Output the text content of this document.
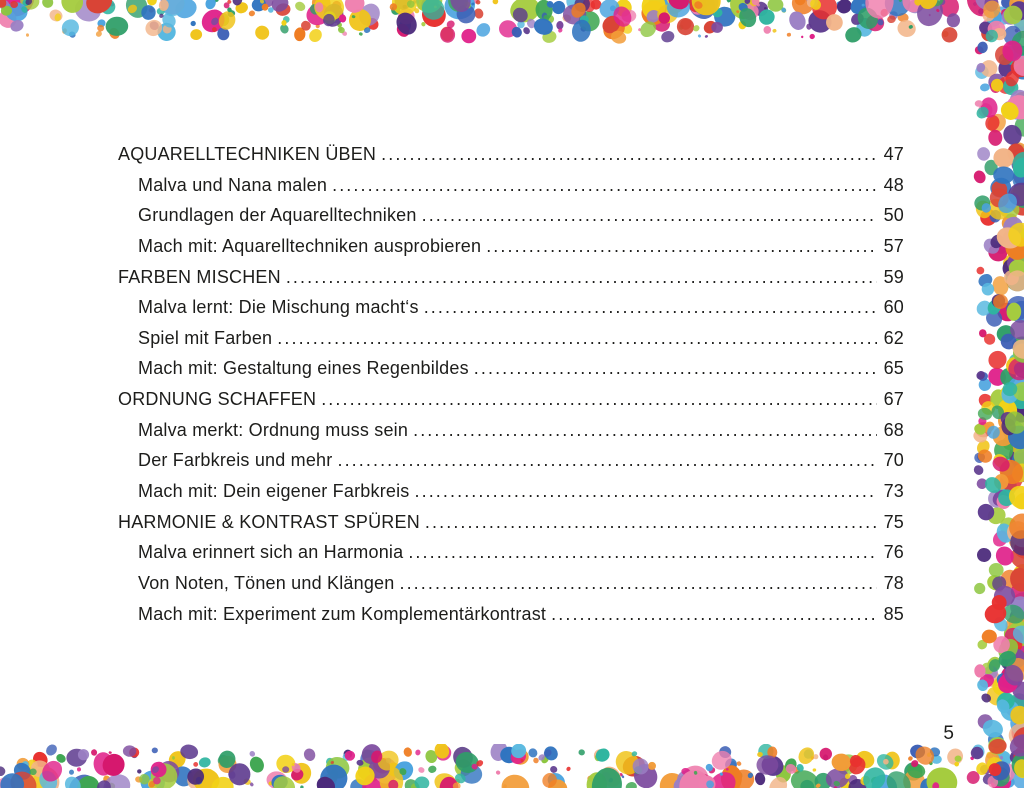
AQUARELLTECHNIKEN ÜBEN .....	47
Malva und Nana malen .....	48
Grundlagen der Aquarelltechniken .....	50
Mach mit: Aquarelltechniken ausprobieren .....	57
FARBEN MISCHEN .....	59
Malva lernt: Die Mischung macht‘s .....	60
Spiel mit Farben .....	62
Mach mit: Gestaltung eines Regenbildes .....	65
ORDNUNG SCHAFFEN .....	67
Malva merkt: Ordnung muss sein .....	68
Der Farbkreis und mehr .....	70
Mach mit: Dein eigener Farbkreis .....	73
HARMONIE & KONTRAST SPÜREN .....	75
Malva erinnert sich an Harmonia .....	76
Von Noten, Tönen und Klängen .....	78
Mach mit: Experiment zum Komplementärkontrast .....	85
5
